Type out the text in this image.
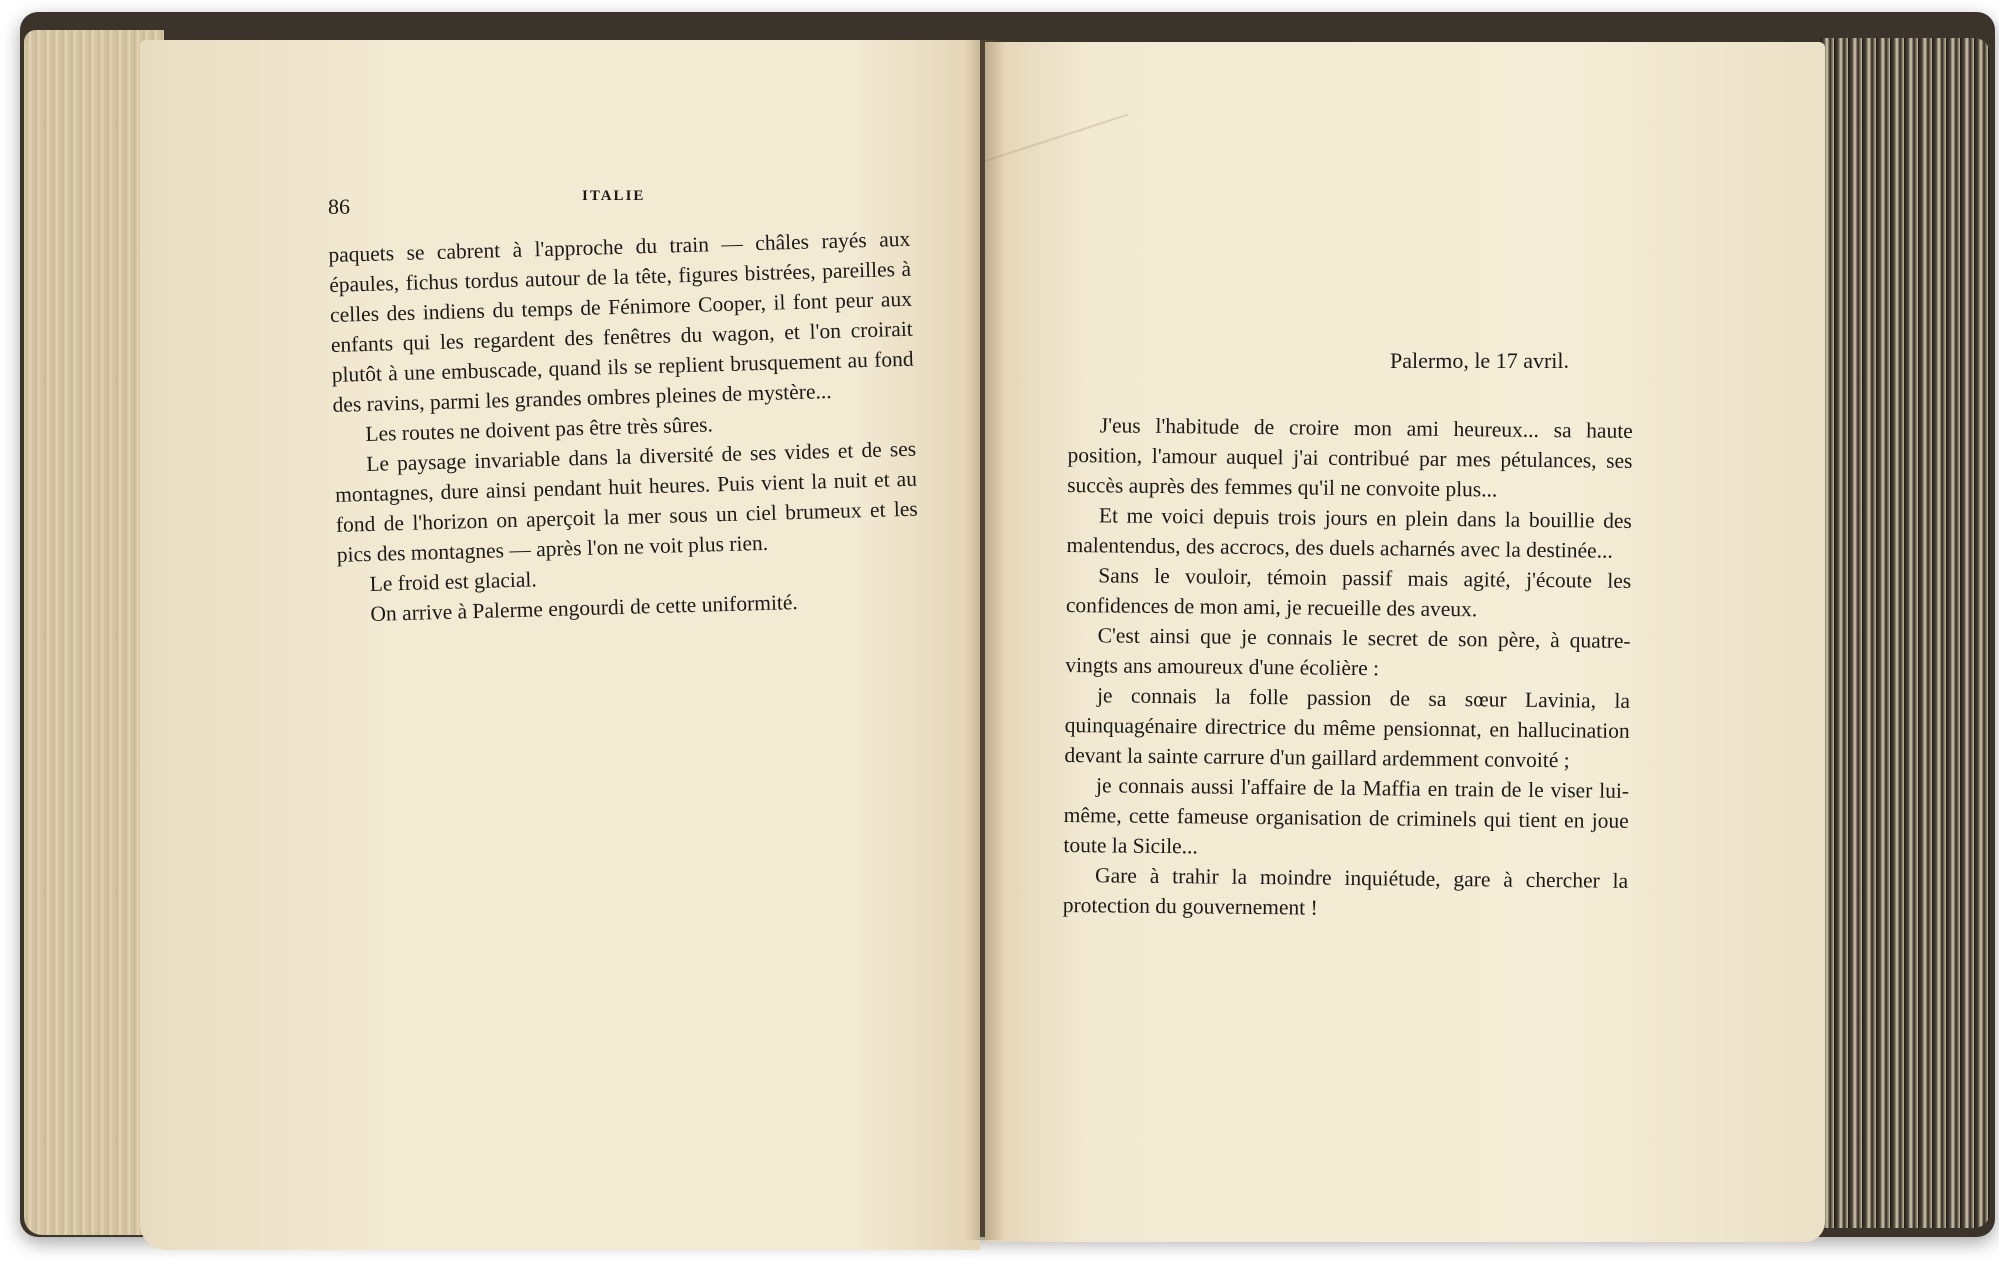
86	ITALIE

paquets se cabrent à l'approche du train — châles rayés aux épaules, fichus tordus autour de la tête, figures bistrées, pareilles à celles des indiens du temps de Fénimore Cooper, il font peur aux enfants qui les regardent des fenêtres du wagon, et l'on croirait plutôt à une embuscade, quand ils se replient brusquement au fond des ravins, parmi les grandes ombres pleines de mystère...

Les routes ne doivent pas être très sûres.

Le paysage invariable dans la diversité de ses vides et de ses montagnes, dure ainsi pendant huit heures. Puis vient la nuit et au fond de l'horizon on aperçoit la mer sous un ciel brumeux et les pics des montagnes — après l'on ne voit plus rien.

Le froid est glacial.

On arrive à Palerme engourdi de cette uniformité.

Palermo, le 17 avril.

J'eus l'habitude de croire mon ami heureux... sa haute position, l'amour auquel j'ai contribué par mes pétulances, ses succès auprès des femmes qu'il ne convoite plus...

Et me voici depuis trois jours en plein dans la bouillie des malentendus, des accrocs, des duels acharnés avec la destinée...

Sans le vouloir, témoin passif mais agité, j'écoute les confidences de mon ami, je recueille des aveux.

C'est ainsi que je connais le secret de son père, à quatre-vingts ans amoureux d'une écolière :

je connais la folle passion de sa sœur Lavinia, la quinquagénaire directrice du même pensionnat, en hallucination devant la sainte carrure d'un gaillard ardemment convoité ;

je connais aussi l'affaire de la Maffia en train de le viser lui-même, cette fameuse organisation de criminels qui tient en joue toute la Sicile...

Gare à trahir la moindre inquiétude, gare à chercher la protection du gouvernement !
